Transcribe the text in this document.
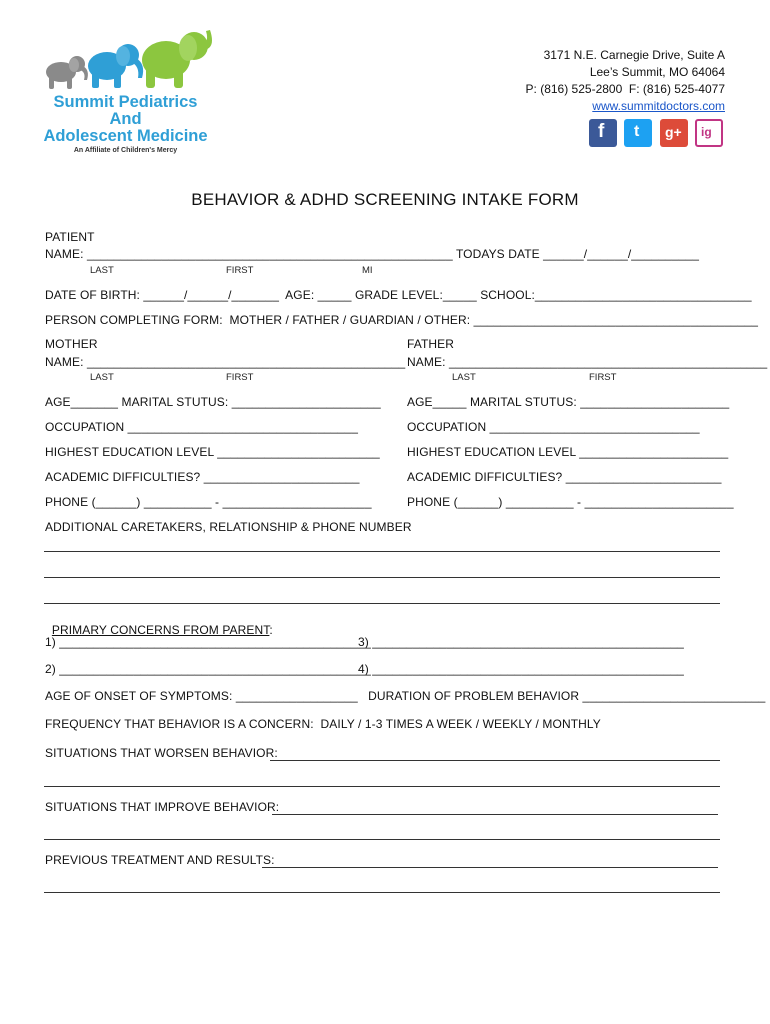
Summit Pediatrics
And
Adolescent Medicine
An Affiliate of Children's Mercy
3171 N.E. Carnegie Drive, Suite A
Lee’s Summit, MO 64064
P: (816) 525-2800  F: (816) 525-4077
www.summitdoctors.com
f t g+ ig
BEHAVIOR & ADHD SCREENING INTAKE FORM
PATIENT
NAME: ______________________________________________________ TODAYS DATE ______/______/__________
LAST	FIRST	MI
DATE OF BIRTH: ______/______/_______  AGE: _____ GRADE LEVEL:_____ SCHOOL:________________________________
PERSON COMPLETING FORM:  MOTHER / FATHER / GUARDIAN / OTHER: __________________________________________
MOTHER
NAME: _______________________________________________
LAST	FIRST
AGE_______ MARITAL STUTUS: ______________________
OCCUPATION __________________________________
HIGHEST EDUCATION LEVEL ________________________
ACADEMIC DIFFICULTIES? _______________________
PHONE (______) __________ - ______________________
FATHER
NAME: _______________________________________________
LAST	FIRST
AGE_____ MARITAL STUTUS: ______________________
OCCUPATION _______________________________
HIGHEST EDUCATION LEVEL ______________________
ACADEMIC DIFFICULTIES? _______________________
PHONE (______) __________ - ______________________
ADDITIONAL CARETAKERS, RELATIONSHIP & PHONE NUMBER

PRIMARY CONCERNS FROM PARENT:

1) ______________________________________________
3) ______________________________________________
2) ______________________________________________
4) ______________________________________________
AGE OF ONSET OF SYMPTOMS: __________________   DURATION OF PROBLEM BEHAVIOR ___________________________
FREQUENCY THAT BEHAVIOR IS A CONCERN:  DAILY / 1-3 TIMES A WEEK / WEEKLY / MONTHLY
SITUATIONS THAT WORSEN BEHAVIOR:
SITUATIONS THAT IMPROVE BEHAVIOR:
PREVIOUS TREATMENT AND RESULTS:
